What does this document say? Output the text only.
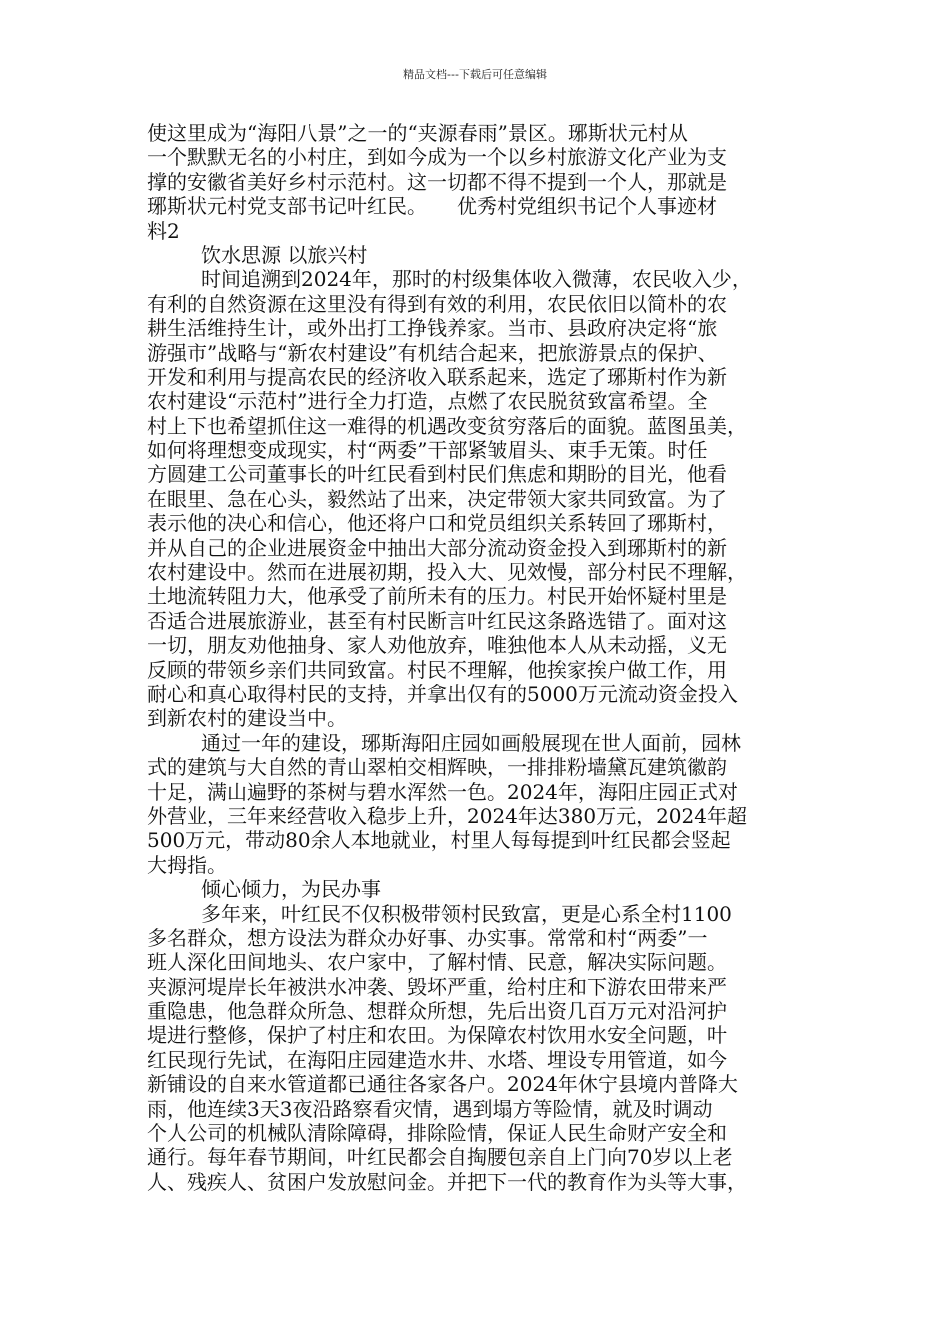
精品文档---下载后可任意编辑
使这里成为“海阳八景”之一的“夹源春雨”景区。琊斯状元村从
一个默默无名的小村庄，到如今成为一个以乡村旅游文化产业为支
撑的安徽省美好乡村示范村。这一切都不得不提到一个人，那就是
琊斯状元村党支部书记叶红民。　　优秀村党组织书记个人事迹材
料2
饮水思源 以旅兴村
时间追溯到2024年，那时的村级集体收入微薄，农民收入少，
有利的自然资源在这里没有得到有效的利用，农民依旧以简朴的农
耕生活维持生计，或外出打工挣钱养家。当市、县政府决定将“旅
游强市”战略与“新农村建设”有机结合起来，把旅游景点的保护、
开发和利用与提高农民的经济收入联系起来，选定了琊斯村作为新
农村建设“示范村”进行全力打造，点燃了农民脱贫致富希望。全
村上下也希望抓住这一难得的机遇改变贫穷落后的面貌。蓝图虽美，
如何将理想变成现实，村“两委”干部紧皱眉头、束手无策。时任
方圆建工公司董事长的叶红民看到村民们焦虑和期盼的目光，他看
在眼里、急在心头，毅然站了出来，决定带领大家共同致富。为了
表示他的决心和信心，他还将户口和党员组织关系转回了琊斯村，
并从自己的企业进展资金中抽出大部分流动资金投入到琊斯村的新
农村建设中。然而在进展初期，投入大、见效慢，部分村民不理解，
土地流转阻力大，他承受了前所未有的压力。村民开始怀疑村里是
否适合进展旅游业，甚至有村民断言叶红民这条路选错了。面对这
一切，朋友劝他抽身、家人劝他放弃，唯独他本人从未动摇，义无
反顾的带领乡亲们共同致富。村民不理解，他挨家挨户做工作，用
耐心和真心取得村民的支持，并拿出仅有的5000万元流动资金投入
到新农村的建设当中。
通过一年的建设，琊斯海阳庄园如画般展现在世人面前，园林
式的建筑与大自然的青山翠柏交相辉映，一排排粉墙黛瓦建筑徽韵
十足，满山遍野的茶树与碧水浑然一色。2024年，海阳庄园正式对
外营业，三年来经营收入稳步上升，2024年达380万元，2024年超
500万元，带动80余人本地就业，村里人每每提到叶红民都会竖起
大拇指。
倾心倾力，为民办事
多年来，叶红民不仅积极带领村民致富，更是心系全村1100
多名群众，想方设法为群众办好事、办实事。常常和村“两委”一
班人深化田间地头、农户家中，了解村情、民意，解决实际问题。
夹源河堤岸长年被洪水冲袭、毁坏严重，给村庄和下游农田带来严
重隐患，他急群众所急、想群众所想，先后出资几百万元对沿河护
堤进行整修，保护了村庄和农田。为保障农村饮用水安全问题，叶
红民现行先试，在海阳庄园建造水井、水塔、埋设专用管道，如今
新铺设的自来水管道都已通往各家各户。2024年休宁县境内普降大
雨，他连续3天3夜沿路察看灾情，遇到塌方等险情，就及时调动
个人公司的机械队清除障碍，排除险情，保证人民生命财产安全和
通行。每年春节期间，叶红民都会自掏腰包亲自上门向70岁以上老
人、残疾人、贫困户发放慰问金。并把下一代的教育作为头等大事，
